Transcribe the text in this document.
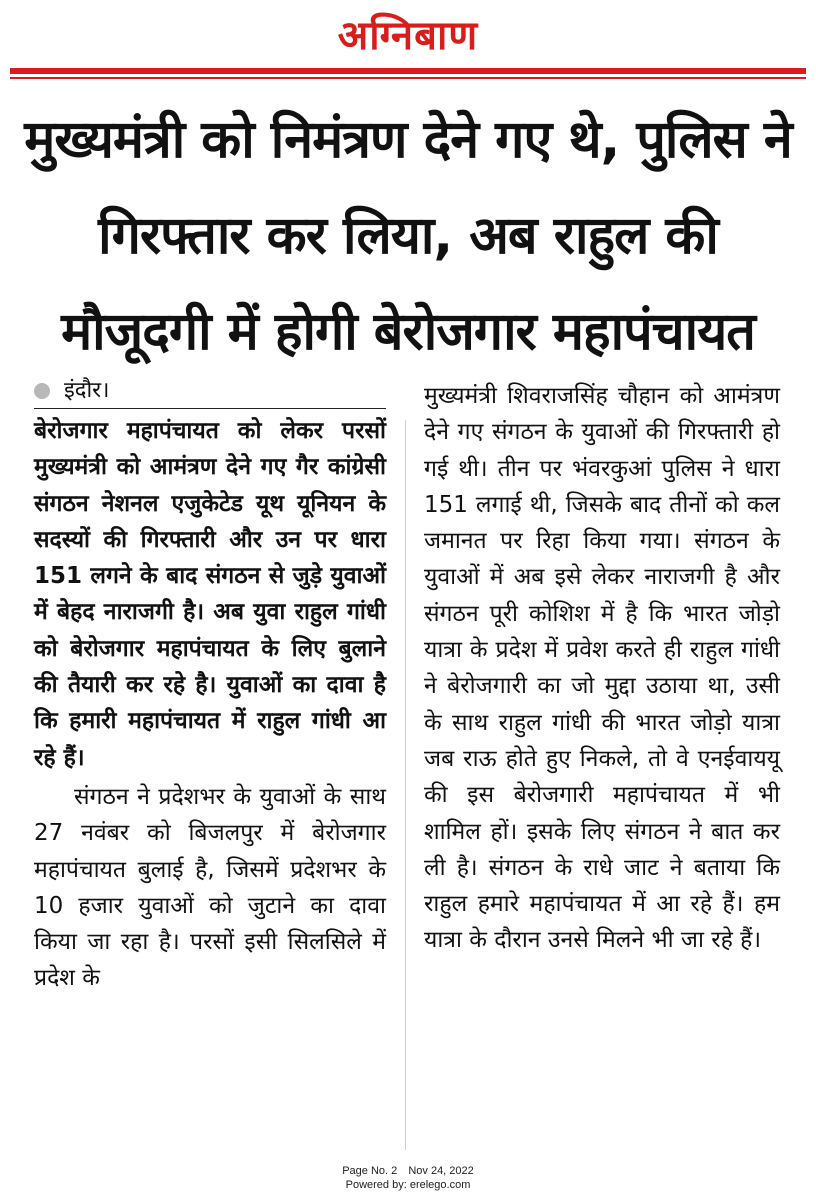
अग्निबाण
मुख्यमंत्री को निमंत्रण देने गए थे, पुलिस ने गिरफ्तार कर लिया, अब राहुल की मौजूदगी में होगी बेरोजगार महापंचायत
इंदौर।
बेरोजगार महापंचायत को लेकर परसों मुख्यमंत्री को आमंत्रण देने गए गैर कांग्रेसी संगठन नेशनल एजुकेटेड यूथ यूनियन के सदस्यों की गिरफ्तारी और उन पर धारा 151 लगने के बाद संगठन से जुड़े युवाओं में बेहद नाराजगी है। अब युवा राहुल गांधी को बेरोजगार महापंचायत के लिए बुलाने की तैयारी कर रहे है। युवाओं का दावा है कि हमारी महापंचायत में राहुल गांधी आ रहे हैं।
संगठन ने प्रदेशभर के युवाओं के साथ 27 नवंबर को बिजलपुर में बेरोजगार महापंचायत बुलाई है, जिसमें प्रदेशभर के 10 हजार युवाओं को जुटाने का दावा किया जा रहा है। परसों इसी सिलसिले में प्रदेश के
मुख्यमंत्री शिवराजसिंह चौहान को आमंत्रण देने गए संगठन के युवाओं की गिरफ्तारी हो गई थी। तीन पर भंवरकुआं पुलिस ने धारा 151 लगाई थी, जिसके बाद तीनों को कल जमानत पर रिहा किया गया। संगठन के युवाओं में अब इसे लेकर नाराजगी है और संगठन पूरी कोशिश में है कि भारत जोड़ो यात्रा के प्रदेश में प्रवेश करते ही राहुल गांधी ने बेरोजगारी का जो मुद्दा उठाया था, उसी के साथ राहुल गांधी की भारत जोड़ो यात्रा जब राऊ होते हुए निकले, तो वे एनईवाययू की इस बेरोजगारी महापंचायत में भी शामिल हों। इसके लिए संगठन ने बात कर ली है। संगठन के राधे जाट ने बताया कि राहुल हमारे महापंचायत में आ रहे हैं। हम यात्रा के दौरान उनसे मिलने भी जा रहे हैं।
Page No. 2 Nov 24, 2022
Powered by: erelego.com
